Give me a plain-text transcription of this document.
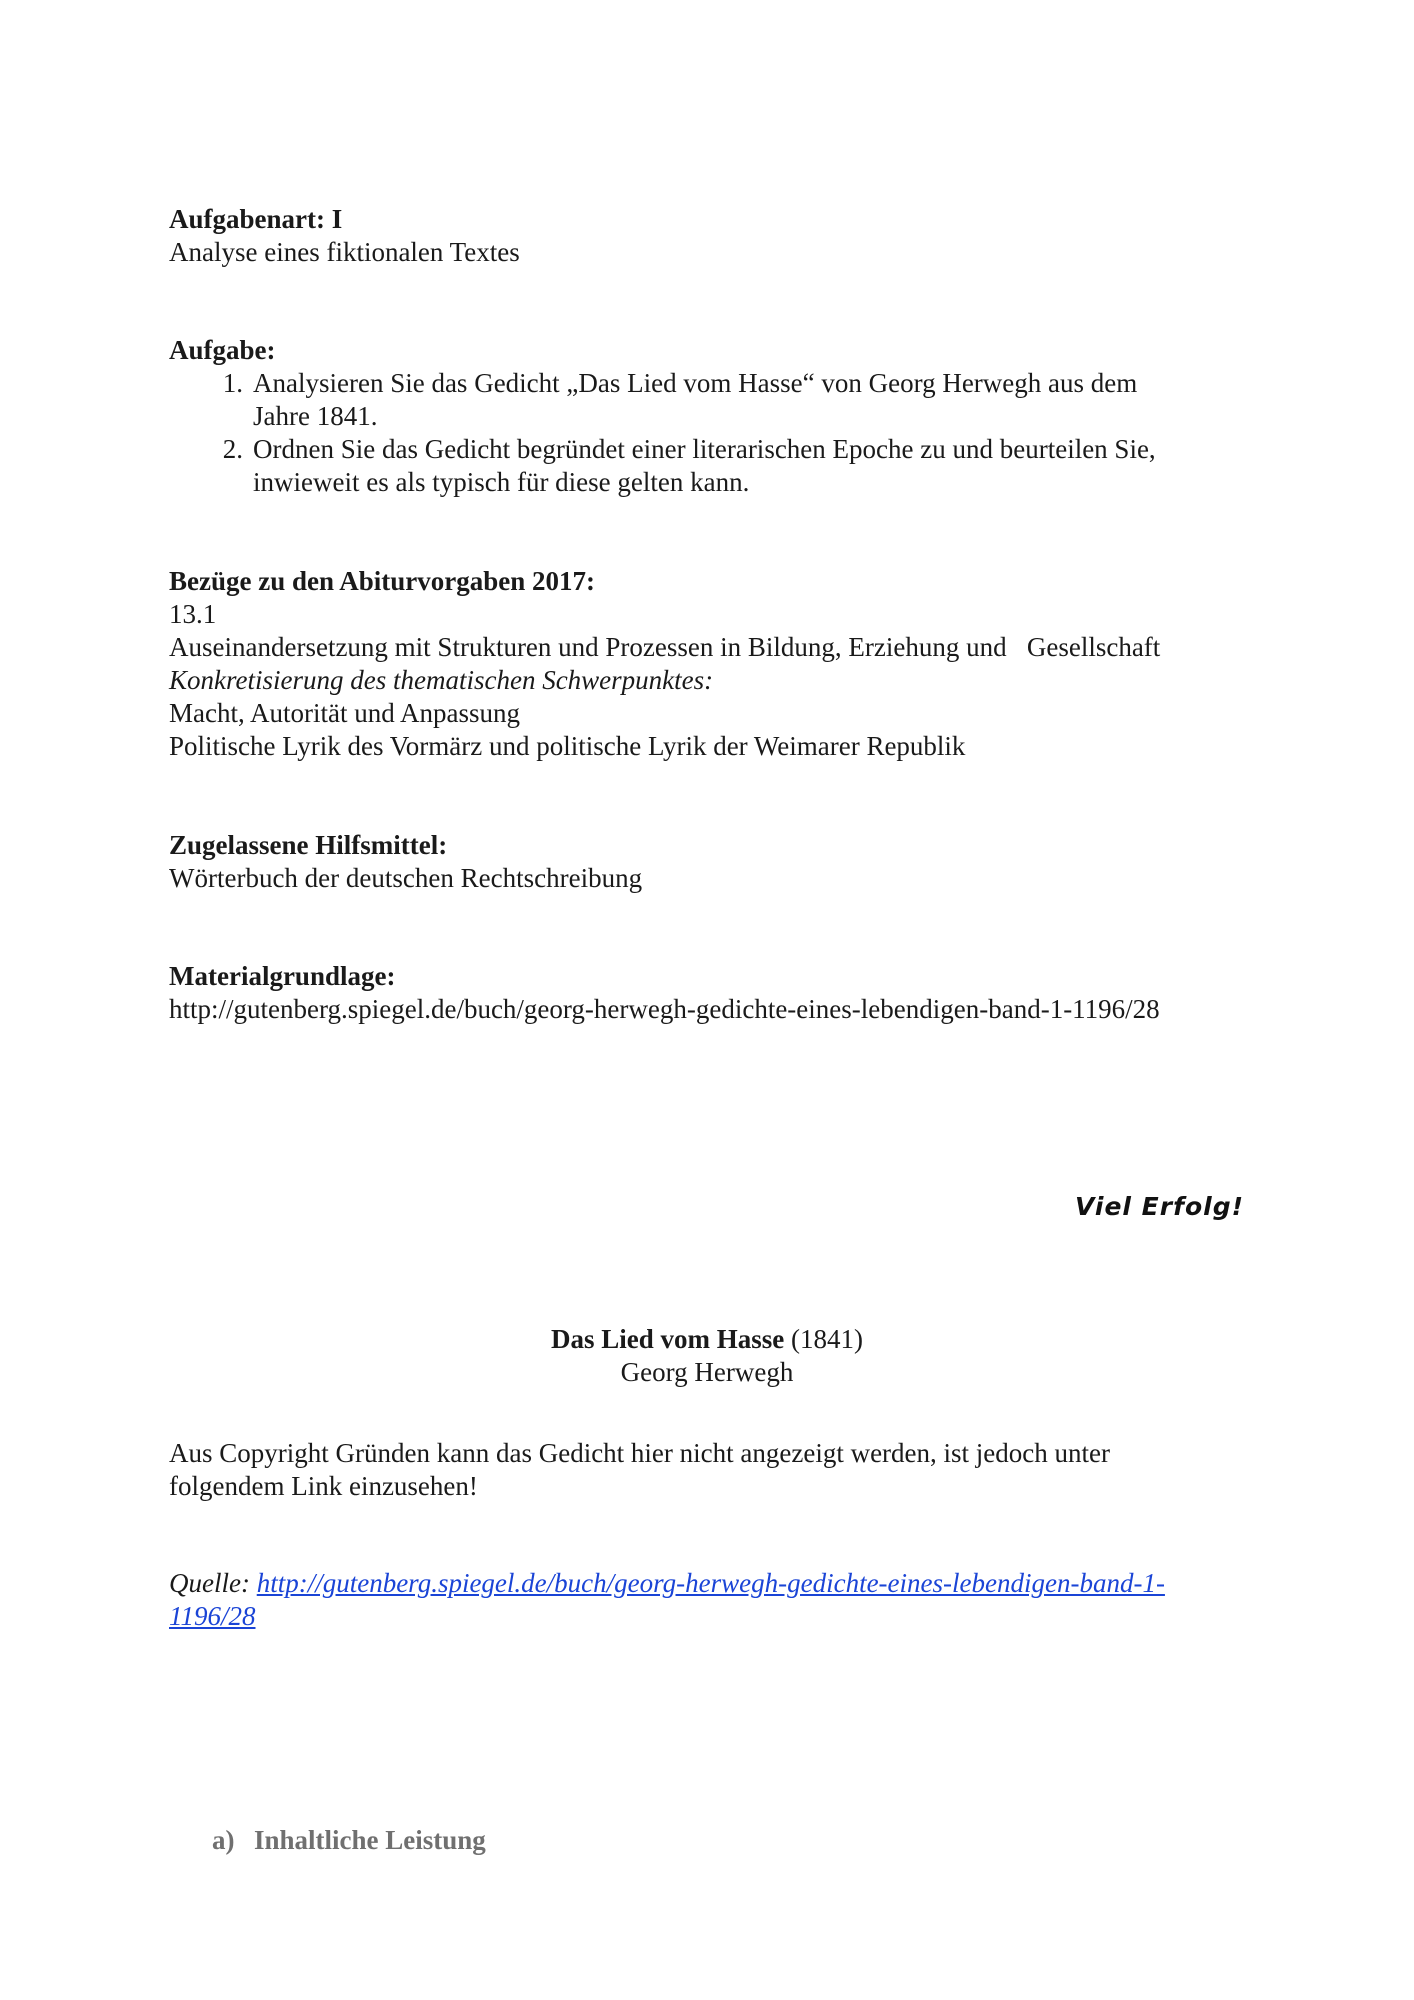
Aufgabenart: I
Analyse eines fiktionalen Textes
Aufgabe:
1. Analysieren Sie das Gedicht „Das Lied vom Hasse“ von Georg Herwegh aus dem
Jahre 1841.
2. Ordnen Sie das Gedicht begründet einer literarischen Epoche zu und beurteilen Sie,
inwieweit es als typisch für diese gelten kann.
Bezüge zu den Abiturvorgaben 2017:
13.1
Auseinandersetzung mit Strukturen und Prozessen in Bildung, Erziehung und   Gesellschaft
Konkretisierung des thematischen Schwerpunktes:
Macht, Autorität und Anpassung
Politische Lyrik des Vormärz und politische Lyrik der Weimarer Republik
Zugelassene Hilfsmittel:
Wörterbuch der deutschen Rechtschreibung
Materialgrundlage:
http://gutenberg.spiegel.de/buch/georg-herwegh-gedichte-eines-lebendigen-band-1-1196/28
Viel Erfolg!
Das Lied vom Hasse (1841)
Georg Herwegh
Aus Copyright Gründen kann das Gedicht hier nicht angezeigt werden, ist jedoch unter
folgendem Link einzusehen!
Quelle: http://gutenberg.spiegel.de/buch/georg-herwegh-gedichte-eines-lebendigen-band-1-
1196/28
a) Inhaltliche Leistung
